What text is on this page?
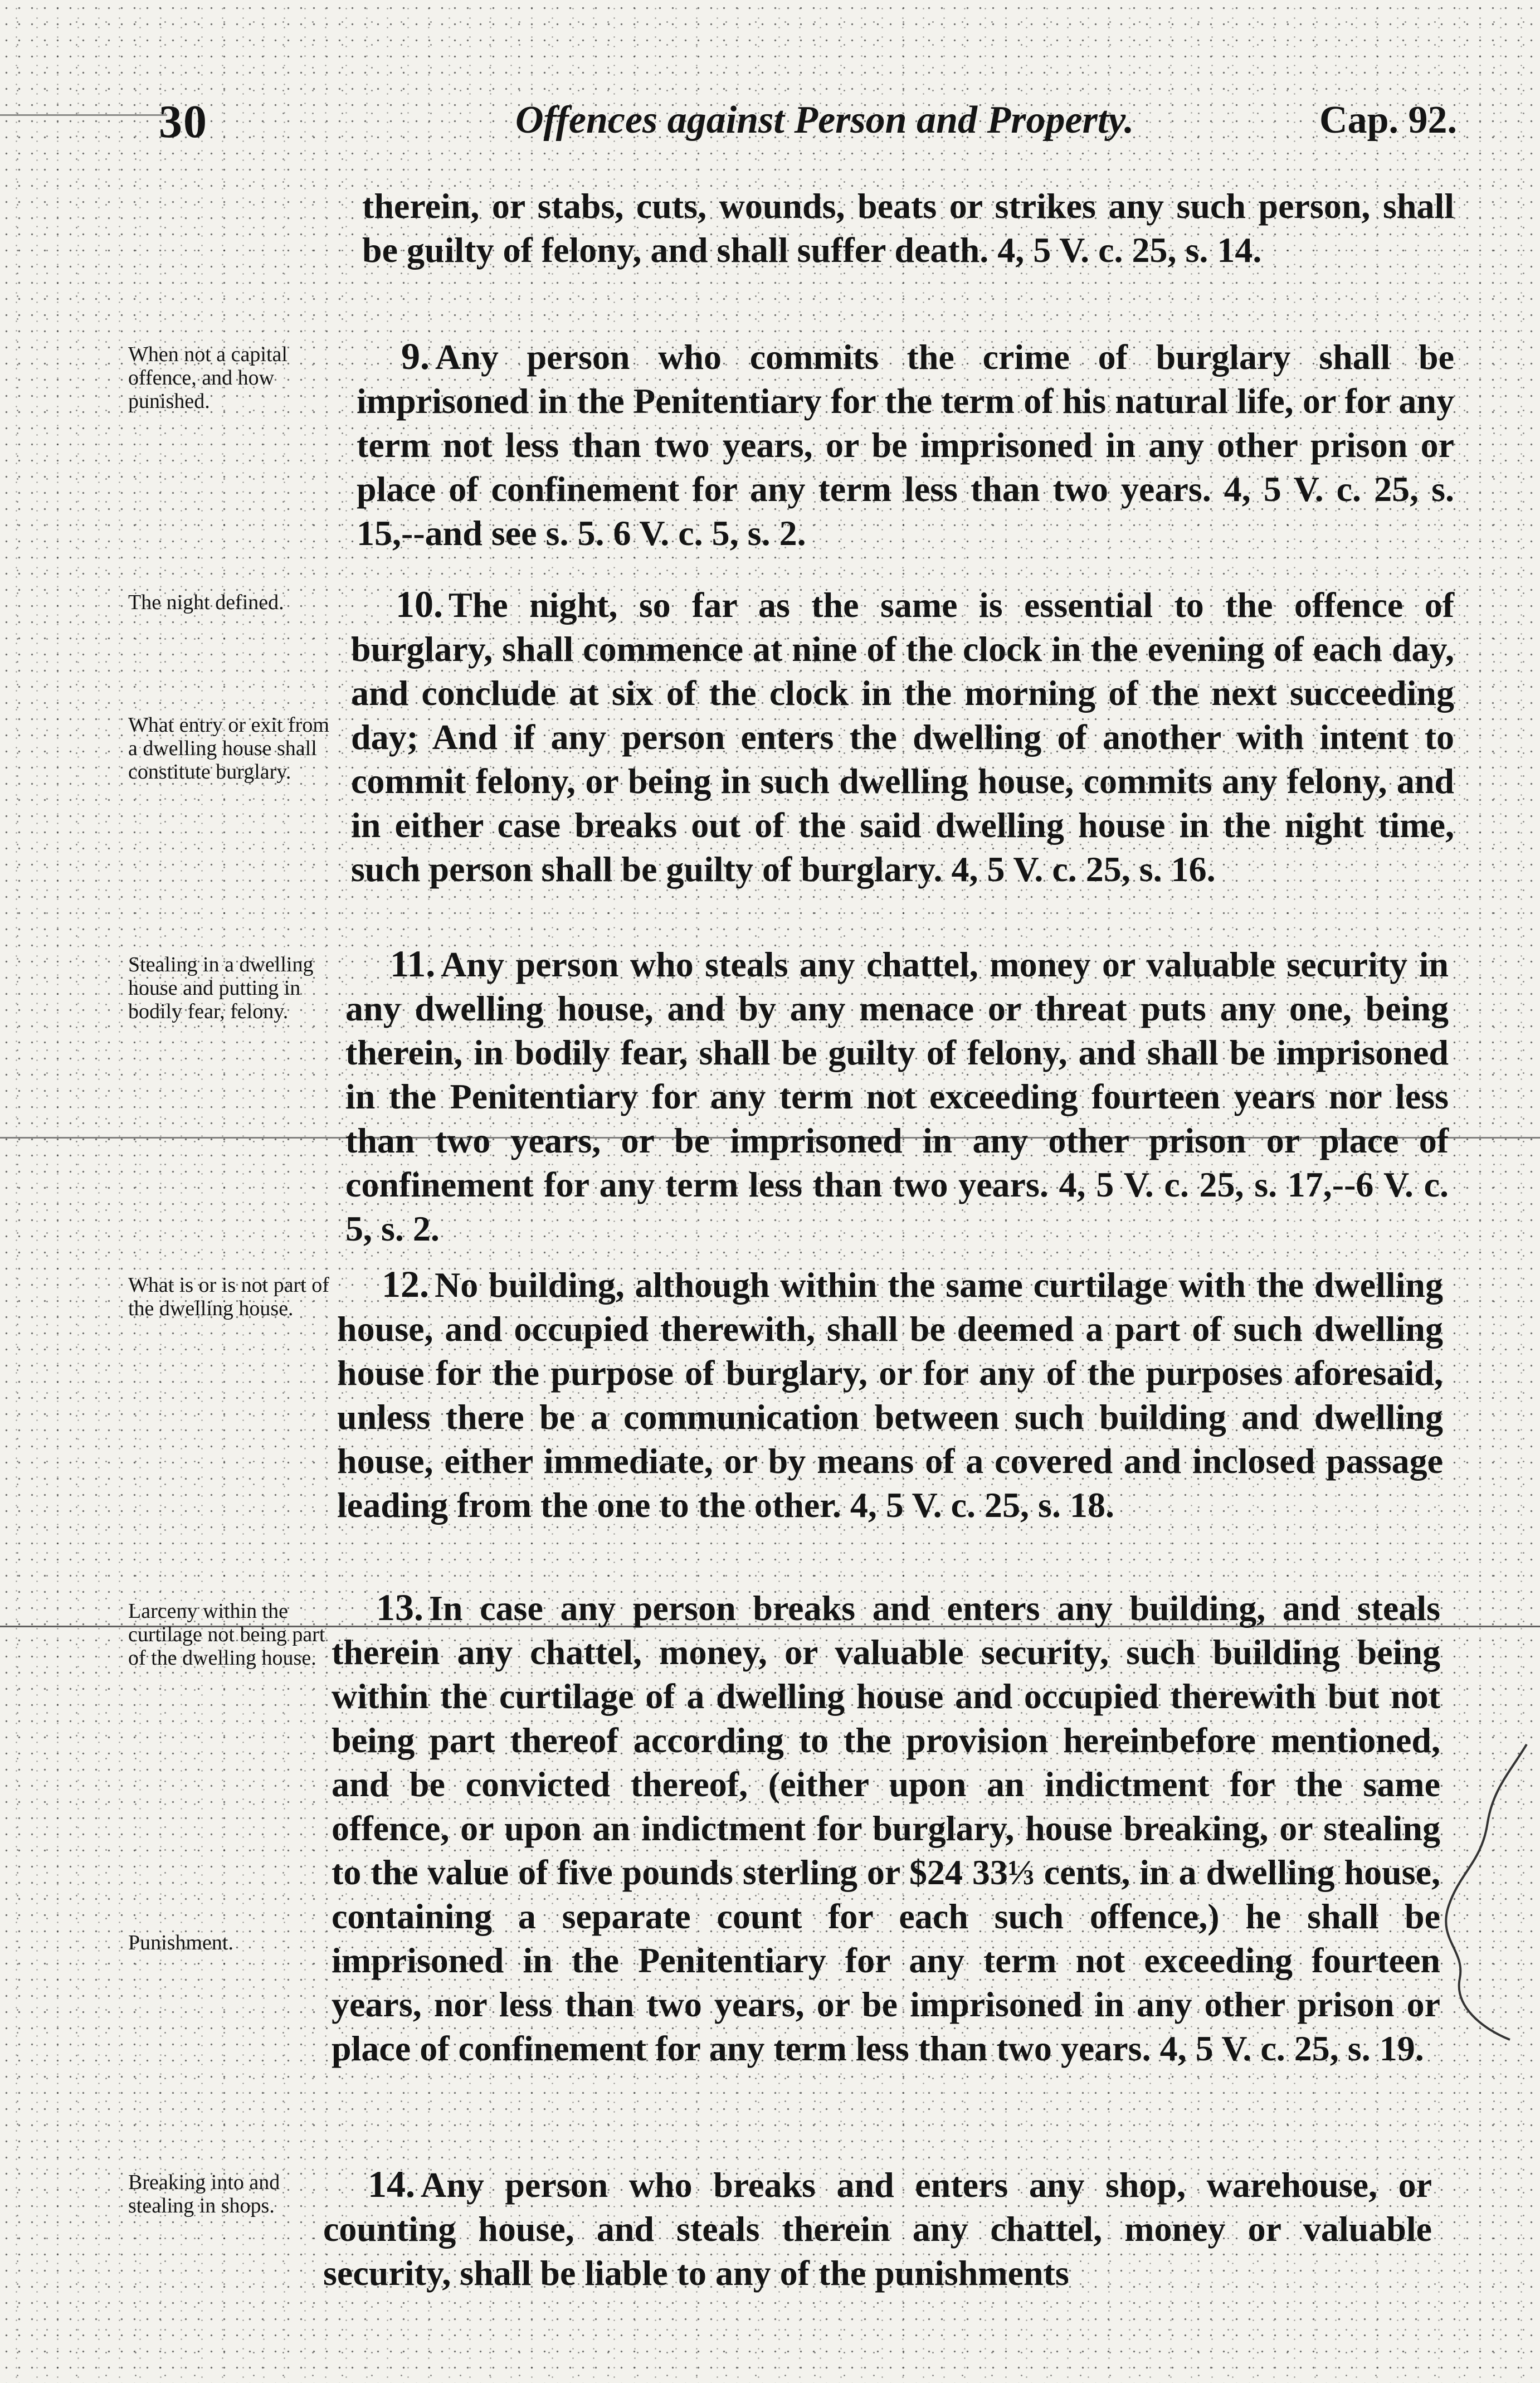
30	Offences against Person and Property.	Cap. 92.
therein, or stabs, cuts, wounds, beats or strikes any such person, shall be guilty of felony, and shall suffer death. 4, 5 V. c. 25, s. 14.
When not a capital offence, and how punished.
9. Any person who commits the crime of burglary shall be imprisoned in the Penitentiary for the term of his natural life, or for any term not less than two years, or be imprisoned in any other prison or place of confinement for any term less than two years. 4, 5 V. c. 25, s. 15,--and see s. 5. 6 V. c. 5, s. 2.
The night defined.
What entry or exit from a dwelling house shall constitute burglary.
10. The night, so far as the same is essential to the offence of burglary, shall commence at nine of the clock in the evening of each day, and conclude at six of the clock in the morning of the next succeeding day; And if any person enters the dwelling of another with intent to commit felony, or being in such dwelling house, commits any felony, and in either case breaks out of the said dwelling house in the night time, such person shall be guilty of burglary. 4, 5 V. c. 25, s. 16.
Stealing in a dwelling house and putting in bodily fear, felony.
11. Any person who steals any chattel, money or valuable security in any dwelling house, and by any menace or threat puts any one, being therein, in bodily fear, shall be guilty of felony, and shall be imprisoned in the Penitentiary for any term not exceeding fourteen years nor less than two years, or be imprisoned in any other prison or place of confinement for any term less than two years. 4, 5 V. c. 25, s. 17,--6 V. c. 5, s. 2.
What is or is not part of the dwelling house.
12. No building, although within the same curtilage with the dwelling house, and occupied therewith, shall be deemed a part of such dwelling house for the purpose of burglary, or for any of the purposes aforesaid, unless there be a communication between such building and dwelling house, either immediate, or by means of a covered and inclosed passage leading from the one to the other. 4, 5 V. c. 25, s. 18.
Larceny within the curtilage not being part of the dwelling house.
Punishment.
13. In case any person breaks and enters any building, and steals therein any chattel, money, or valuable security, such building being within the curtilage of a dwelling house and occupied therewith but not being part thereof according to the provision hereinbefore mentioned, and be convicted thereof, (either upon an indictment for the same offence, or upon an indictment for burglary, house breaking, or stealing to the value of five pounds sterling or $24 33⅓ cents, in a dwelling house, containing a separate count for each such offence,) he shall be imprisoned in the Penitentiary for any term not exceeding fourteen years, nor less than two years, or be imprisoned in any other prison or place of confinement for any term less than two years. 4, 5 V. c. 25, s. 19.
Breaking into and stealing in shops.
14. Any person who breaks and enters any shop, warehouse, or counting house, and steals therein any chattel, money or valuable security, shall be liable to any of the punishments
